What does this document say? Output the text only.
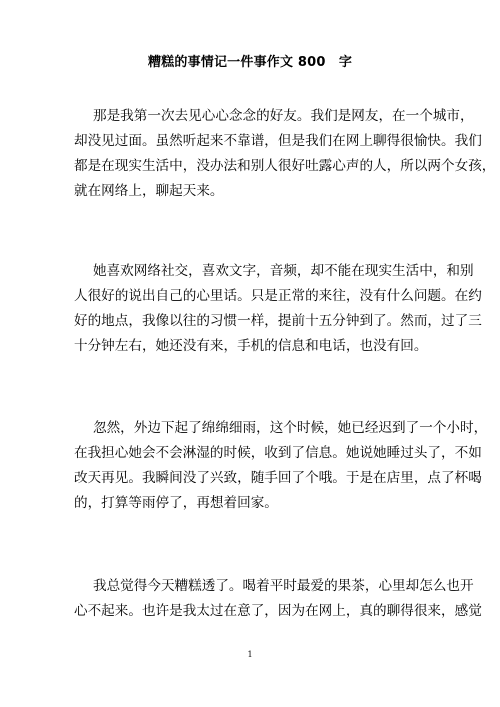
糟糕的事情记一件事作文 800　字
那是我第一次去见心心念念的好友。我们是网友，在一个城市，
却没见过面。虽然听起来不靠谱，但是我们在网上聊得很愉快。我们
都是在现实生活中，没办法和别人很好吐露心声的人，所以两个女孩，
就在网络上，聊起天来。
她喜欢网络社交，喜欢文字，音频，却不能在现实生活中，和别
人很好的说出自己的心里话。只是正常的来往，没有什么问题。在约
好的地点，我像以往的习惯一样，提前十五分钟到了。然而，过了三
十分钟左右，她还没有来，手机的信息和电话，也没有回。
忽然，外边下起了绵绵细雨，这个时候，她已经迟到了一个小时，
在我担心她会不会淋湿的时候，收到了信息。她说她睡过头了，不如
改天再见。我瞬间没了兴致，随手回了个哦。于是在店里，点了杯喝
的，打算等雨停了，再想着回家。
我总觉得今天糟糕透了。喝着平时最爱的果茶，心里却怎么也开
心不起来。也许是我太过在意了，因为在网上，真的聊得很来，感觉
1
